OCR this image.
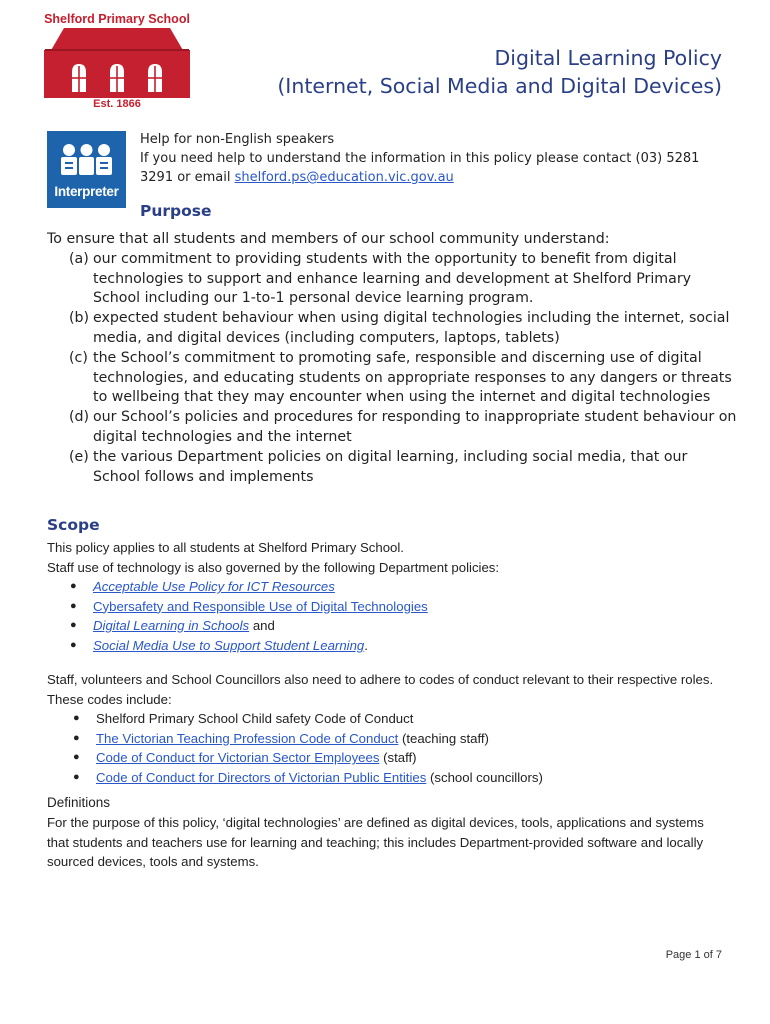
Shelford Primary School
Est. 1866
Digital Learning Policy
(Internet, Social Media and Digital Devices)
Interpreter
Help for non-English speakers
If you need help to understand the information in this policy please contact (03) 5281 3291 or email shelford.ps@education.vic.gov.au
Purpose
To ensure that all students and members of our school community understand:
(a) our commitment to providing students with the opportunity to benefit from digital technologies to support and enhance learning and development at Shelford Primary School including our 1-to-1 personal device learning program.
(b) expected student behaviour when using digital technologies including the internet, social media, and digital devices (including computers, laptops, tablets)
(c) the School’s commitment to promoting safe, responsible and discerning use of digital technologies, and educating students on appropriate responses to any dangers or threats to wellbeing that they may encounter when using the internet and digital technologies
(d) our School’s policies and procedures for responding to inappropriate student behaviour on digital technologies and the internet
(e) the various Department policies on digital learning, including social media, that our School follows and implements
Scope
This policy applies to all students at Shelford Primary School.
Staff use of technology is also governed by the following Department policies:
● Acceptable Use Policy for ICT Resources
● Cybersafety and Responsible Use of Digital Technologies
● Digital Learning in Schools and
● Social Media Use to Support Student Learning.
Staff, volunteers and School Councillors also need to adhere to codes of conduct relevant to their respective roles. These codes include:
● Shelford Primary School Child safety Code of Conduct
● The Victorian Teaching Profession Code of Conduct (teaching staff)
● Code of Conduct for Victorian Sector Employees (staff)
● Code of Conduct for Directors of Victorian Public Entities (school councillors)
Definitions
For the purpose of this policy, ‘digital technologies’ are defined as digital devices, tools, applications and systems that students and teachers use for learning and teaching; this includes Department-provided software and locally sourced devices, tools and systems.
Page 1 of 7
